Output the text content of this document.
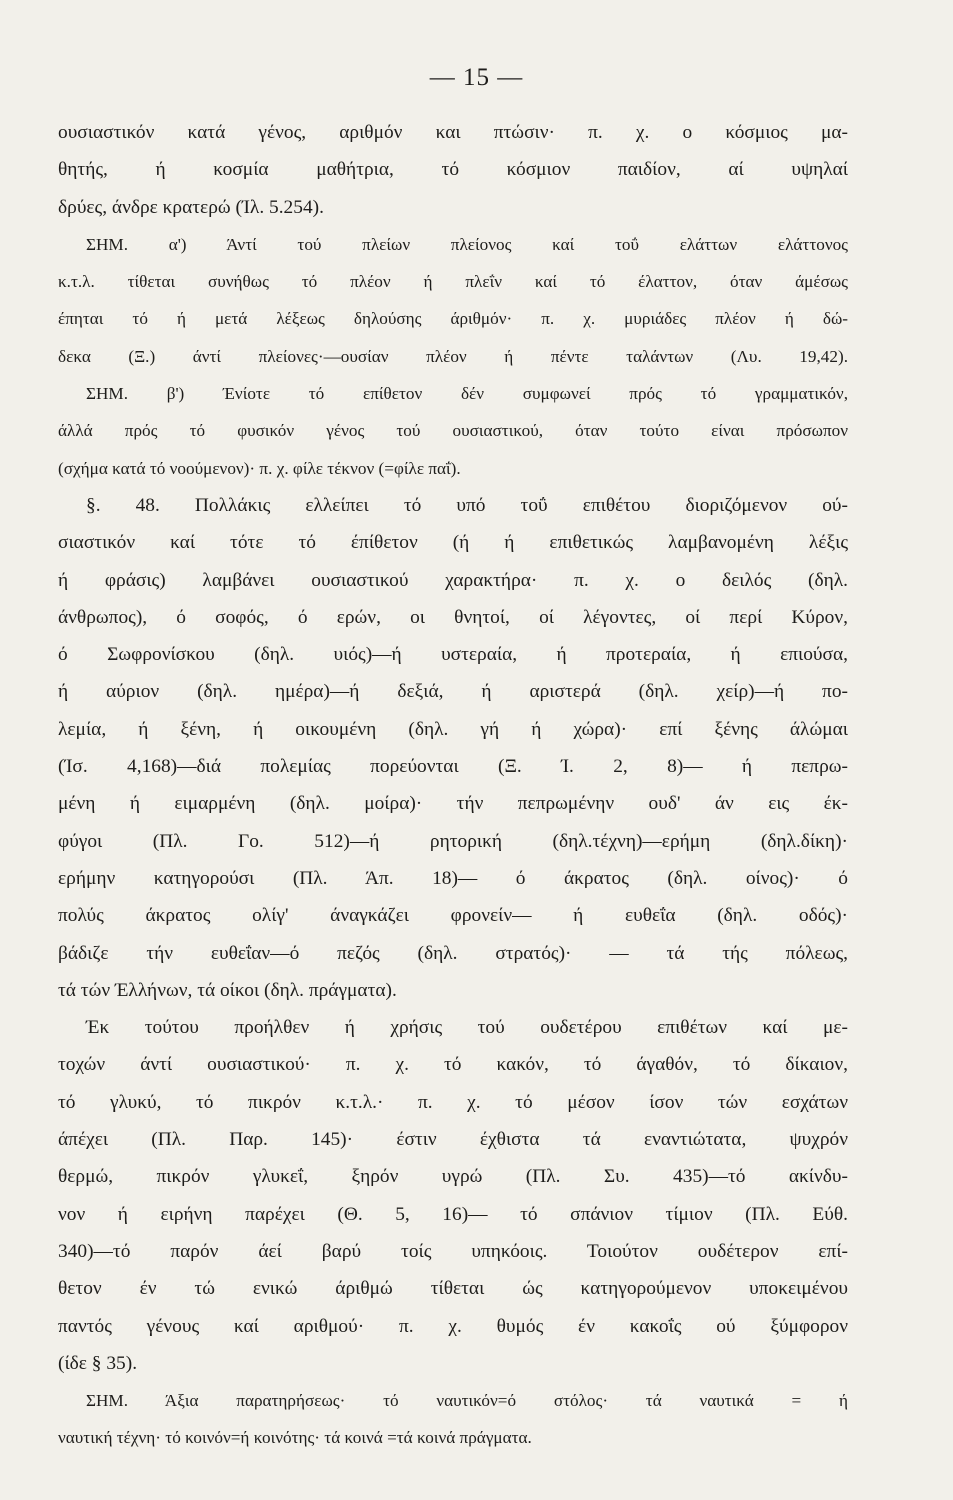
— 15 —
ουσιαστικόν κατά γένος, αριθμόν και πτώσιν· π. χ. ο κόσμιος μα-
θητής, ή κοσμία μαθήτρια, τό κόσμιον παιδίον, αί υψηλαί
δρύες, άνδρε κρατερώ (Ίλ. 5.254).
ΣΗΜ. α') Άντί τού πλείων πλείονος καί τοΰ ελάττων ελάττονος
κ.τ.λ. τίθεται συνήθως τό πλέον ή πλεΐν καί τό έλαττον, όταν άμέσως
έπηται τό ή μετά λέξεως δηλούσης άριθμόν· π. χ. μυριάδες πλέον ή δώ-
δεκα (Ξ.) άντί πλείονες·—ουσίαν πλέον ή πέντε ταλάντων (Λυ. 19,42).
ΣΗΜ. β') Ένίοτε τό επίθετον δέν συμφωνεί πρός τό γραμματικόν,
άλλά πρός τό φυσικόν γένος τού ουσιαστικού, όταν τούτο είναι πρόσωπον
(σχήμα κατά τό νοούμενον)· π. χ. φίλε τέκνον (=φίλε παΐ).
§. 48. Πολλάκις ελλείπει τό υπό τοΰ επιθέτου διοριζόμενον ού-
σιαστικόν καί τότε τό έπίθετον (ή ή επιθετικώς λαμβανομένη λέξις
ή φράσις) λαμβάνει ουσιαστικού χαρακτήρα· π. χ. ο δειλός (δηλ.
άνθρωπος), ό σοφός, ό ερών, οι θνητοί, οί λέγοντες, οί περί Κύρον,
ό Σωφρονίσκου (δηλ. υιός)—ή υστεραία, ή προτεραία, ή επιούσα,
ή αύριον (δηλ. ημέρα)—ή δεξιά, ή αριστερά (δηλ. χείρ)—ή πο-
λεμία, ή ξένη, ή οικουμένη (δηλ. γή ή χώρα)· επί ξένης άλώμαι
(Ίσ. 4,168)—διά πολεμίας πορεύονται (Ξ. Ί. 2, 8)— ή πεπρω-
μένη ή ειμαρμένη (δηλ. μοίρα)· τήν πεπρωμένην ουδ' άν εις έκ-
φύγοι (Πλ. Γο. 512)—ή ρητορική (δηλ.τέχνη)—ερήμη (δηλ.δίκη)·
ερήμην κατηγορούσι (Πλ. Άπ. 18)— ό άκρατος (δηλ. οίνος)· ό
πολύς άκρατος ολίγ' άναγκάζει φρονείν— ή ευθεΐα (δηλ. οδός)·
βάδιζε τήν ευθεΐαν—ό πεζός (δηλ. στρατός)· — τά τής πόλεως,
τά τών Έλλήνων, τά οίκοι (δηλ. πράγματα).
Έκ τούτου προήλθεν ή χρήσις τού ουδετέρου επιθέτων καί με-
τοχών άντί ουσιαστικού· π. χ. τό κακόν, τό άγαθόν, τό δίκαιον,
τό γλυκύ, τό πικρόν κ.τ.λ.· π. χ. τό μέσον ίσον τών εσχάτων
άπέχει (Πλ. Παρ. 145)· έστιν έχθιστα τά εναντιώτατα, ψυχρόν
θερμώ, πικρόν γλυκεΐ, ξηρόν υγρώ (Πλ. Συ. 435)—τό ακίνδυ-
νον ή ειρήνη παρέχει (Θ. 5, 16)— τό σπάνιον τίμιον (Πλ. Εύθ.
340)—τό παρόν άεί βαρύ τοίς υπηκόοις. Τοιούτον ουδέτερον επί-
θετον έν τώ ενικώ άριθμώ τίθεται ώς κατηγορούμενον υποκειμένου
παντός γένους καί αριθμού· π. χ. θυμός έν κακοΐς ού ξύμφορον
(ίδε § 35).
ΣΗΜ. Άξια παρατηρήσεως· τό ναυτικόν=ό στόλος· τά ναυτικά = ή
ναυτική τέχνη· τό κοινόν=ή κοινότης· τά κοινά =τά κοινά πράγματα.
